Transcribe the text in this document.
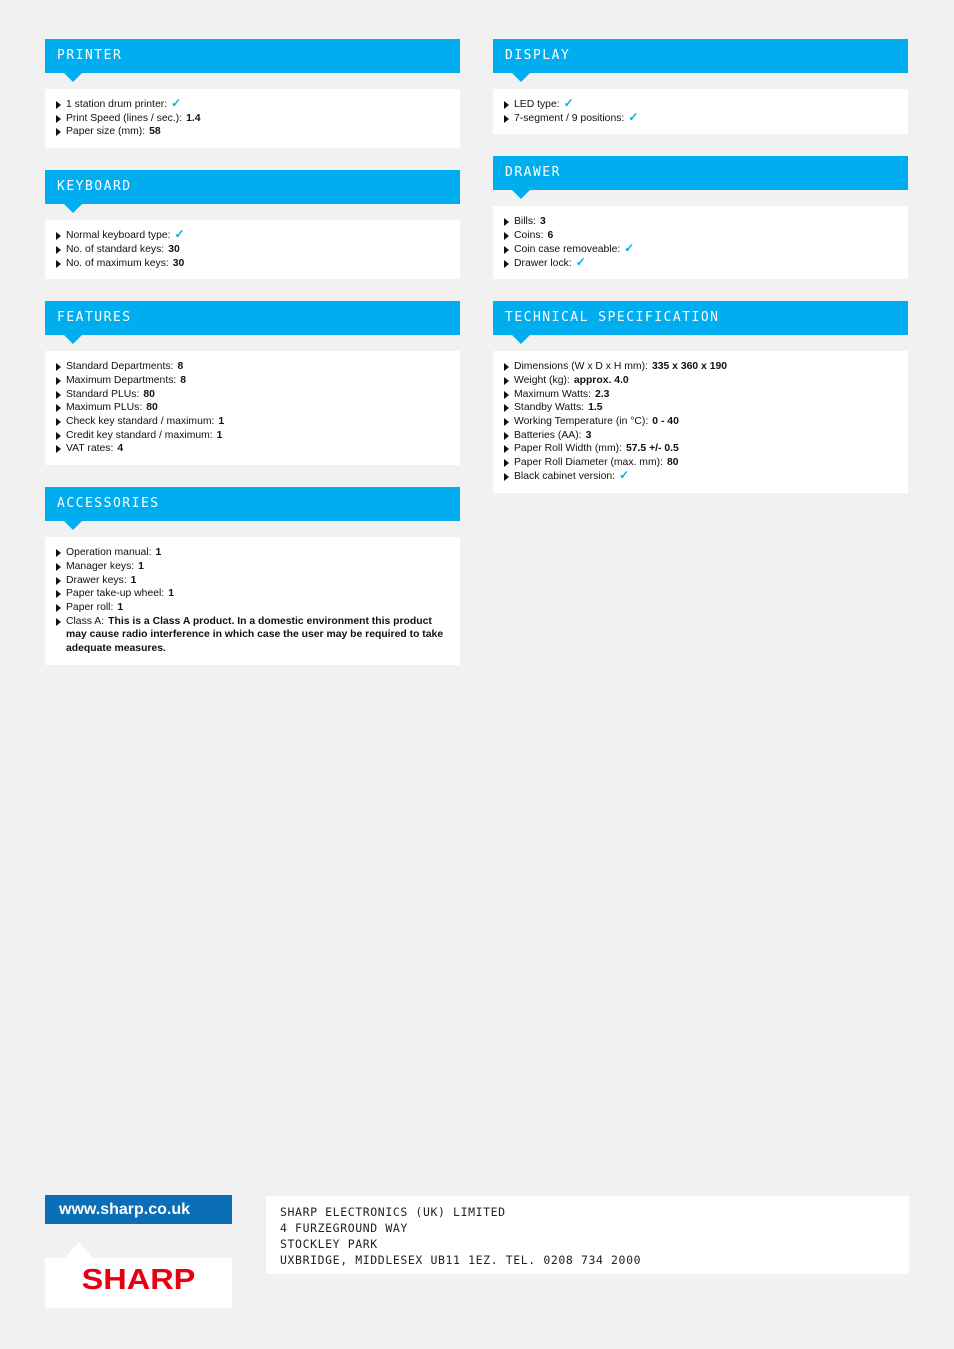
PRINTER
1 station drum printer: ✓
Print Speed (lines / sec.): 1.4
Paper size (mm): 58
KEYBOARD
Normal keyboard type: ✓
No. of standard keys: 30
No. of maximum keys: 30
FEATURES
Standard Departments: 8
Maximum Departments: 8
Standard PLUs: 80
Maximum PLUs: 80
Check key standard / maximum: 1
Credit key standard / maximum: 1
VAT rates: 4
ACCESSORIES
Operation manual: 1
Manager keys: 1
Drawer keys: 1
Paper take-up wheel: 1
Paper roll: 1
Class A: This is a Class A product. In a domestic environment this product may cause radio interference in which case the user may be required to take adequate measures.
DISPLAY
LED type: ✓
7-segment / 9 positions: ✓
DRAWER
Bills: 3
Coins: 6
Coin case removeable: ✓
Drawer lock: ✓
TECHNICAL SPECIFICATION
Dimensions (W x D x H mm): 335 x 360 x 190
Weight (kg): approx. 4.0
Maximum Watts: 2.3
Standby Watts: 1.5
Working Temperature (in °C): 0 - 40
Batteries (AA): 3
Paper Roll Width (mm): 57.5 +/- 0.5
Paper Roll Diameter (max. mm): 80
Black cabinet version: ✓
www.sharp.co.uk
SHARP
SHARP ELECTRONICS (UK) LIMITED
4 FURZEGROUND WAY
STOCKLEY PARK
UXBRIDGE, MIDDLESEX UB11 1EZ. TEL. 0208 734 2000
